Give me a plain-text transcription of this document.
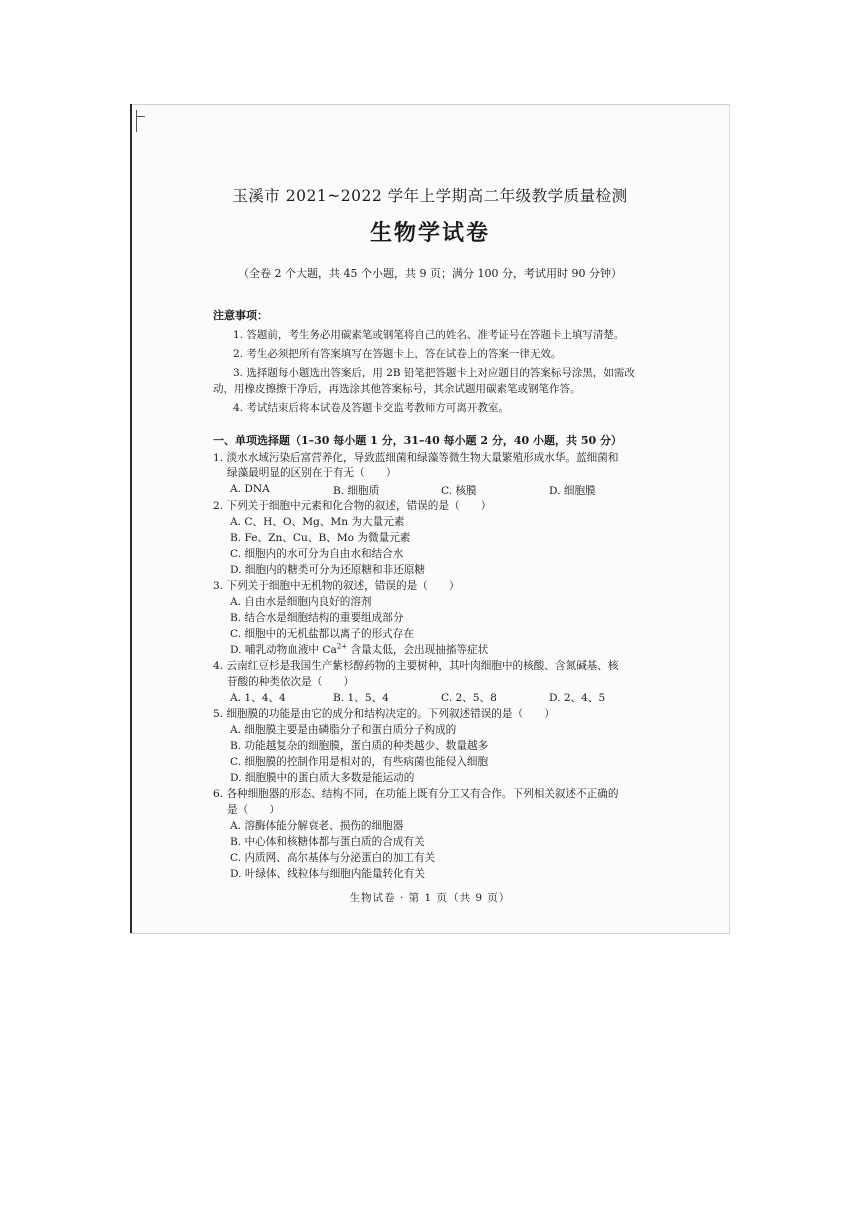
玉溪市 2021~2022 学年上学期高二年级教学质量检测
生物学试卷
（全卷 2 个大题，共 45 个小题，共 9 页；满分 100 分，考试用时 90 分钟）
注意事项：
1. 答题前，考生务必用碳素笔或钢笔将自己的姓名、准考证号在答题卡上填写清楚。
2. 考生必须把所有答案填写在答题卡上，答在试卷上的答案一律无效。
3. 选择题每小题选出答案后，用 2B 铅笔把答题卡上对应题目的答案标号涂黑，如需改
动，用橡皮擦擦干净后，再选涂其他答案标号，其余试题用碳素笔或钢笔作答。
4. 考试结束后将本试卷及答题卡交监考教师方可离开教室。
一、单项选择题（1–30 每小题 1 分，31–40 每小题 2 分，40 小题，共 50 分）
1. 淡水水域污染后富营养化，导致蓝细菌和绿藻等微生物大量繁殖形成水华。蓝细菌和
绿藻最明显的区别在于有无（　　）
A. DNA	B. 细胞质	C. 核膜	D. 细胞膜
2. 下列关于细胞中元素和化合物的叙述，错误的是（　　）
A. C、H、O、Mg、Mn 为大量元素
B. Fe、Zn、Cu、B、Mo 为微量元素
C. 细胞内的水可分为自由水和结合水
D. 细胞内的糖类可分为还原糖和非还原糖
3. 下列关于细胞中无机物的叙述，错误的是（　　）
A. 自由水是细胞内良好的溶剂
B. 结合水是细胞结构的重要组成部分
C. 细胞中的无机盐都以离子的形式存在
D. 哺乳动物血液中 $Ca^{2+}$ 含量太低，会出现抽搐等症状
4. 云南红豆杉是我国生产紫杉醇药物的主要树种，其叶肉细胞中的核酸、含氮碱基、核
苷酸的种类依次是（　　）
A. 1、4、4	B. 1、5、4	C. 2、5、8	D. 2、4、5
5. 细胞膜的功能是由它的成分和结构决定的。下列叙述错误的是（　　）
A. 细胞膜主要是由磷脂分子和蛋白质分子构成的
B. 功能越复杂的细胞膜，蛋白质的种类越少、数量越多
C. 细胞膜的控制作用是相对的，有些病菌也能侵入细胞
D. 细胞膜中的蛋白质大多数是能运动的
6. 各种细胞器的形态、结构不同，在功能上既有分工又有合作。下列相关叙述不正确的
是（　　）
A. 溶酶体能分解衰老、损伤的细胞器
B. 中心体和核糖体都与蛋白质的合成有关
C. 内质网、高尔基体与分泌蛋白的加工有关
D. 叶绿体、线粒体与细胞内能量转化有关
生物试卷 · 第 1 页（共 9 页）
